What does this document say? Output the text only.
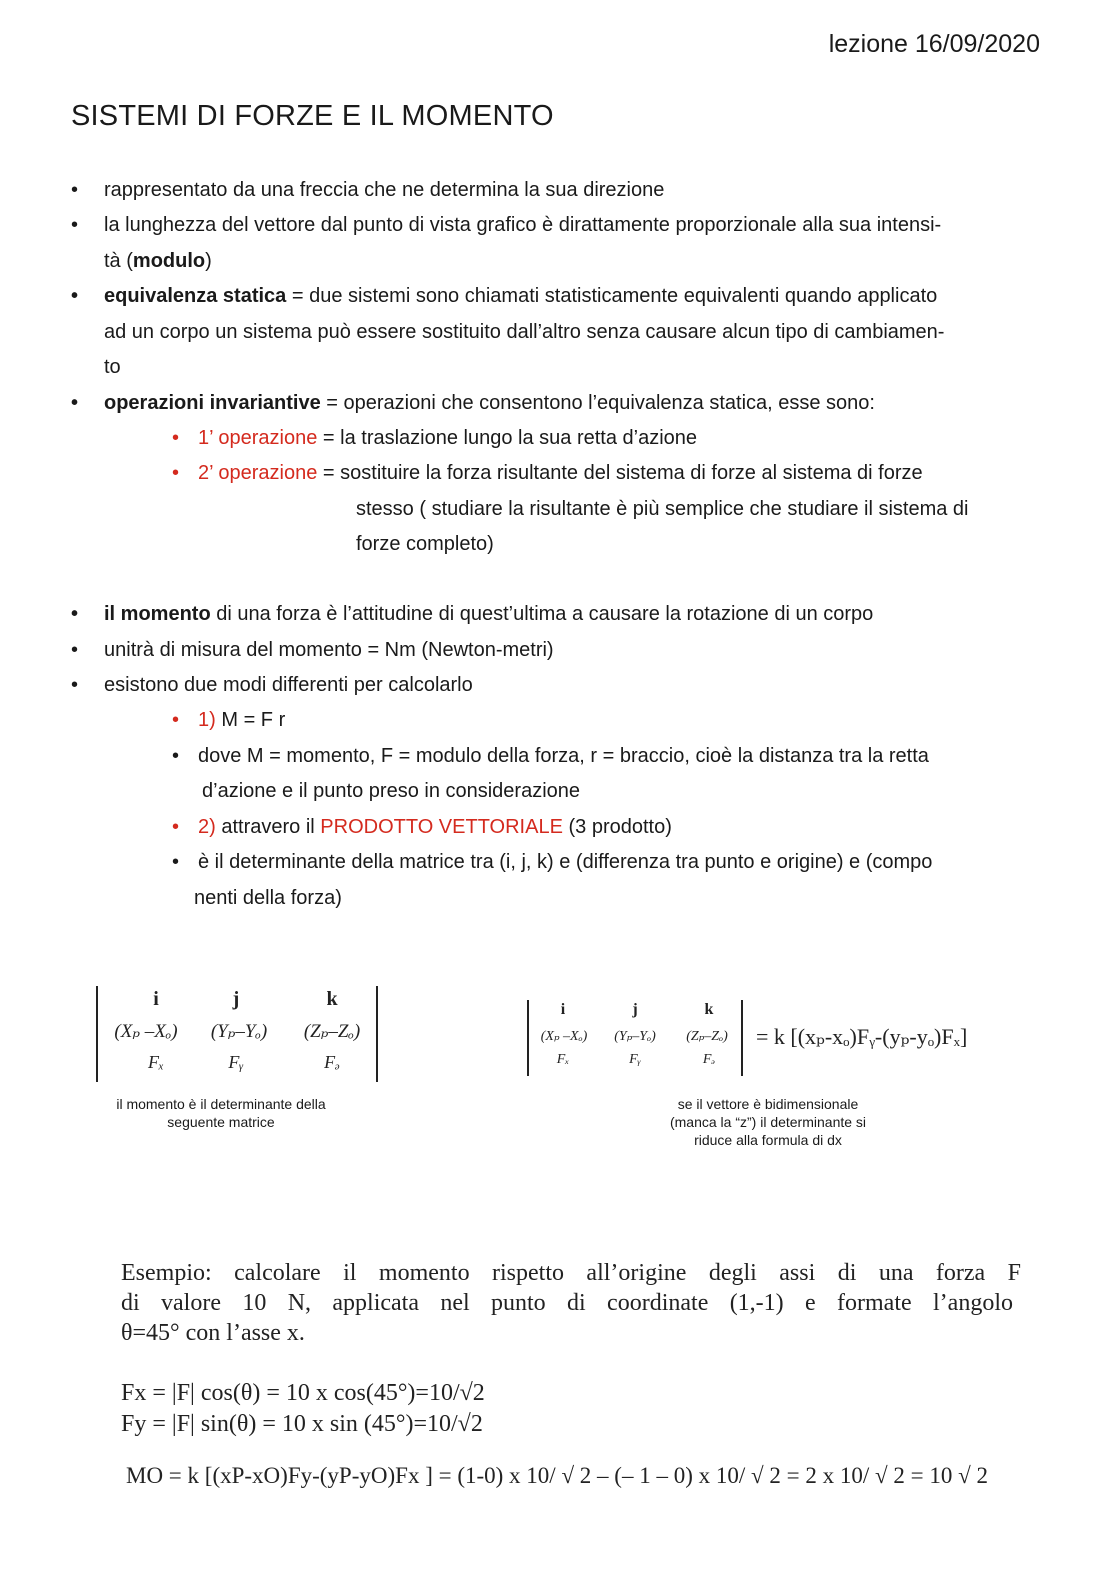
lezione 16/09/2020
SISTEMI DI FORZE E IL MOMENTO
• rappresentato da una freccia che ne determina la sua direzione
• la lunghezza del vettore dal punto di vista grafico è dirattamente proporzionale alla sua intensi-
tà (modulo)
• equivalenza statica = due sistemi sono chiamati statisticamente equivalenti quando applicato
ad un corpo un sistema può essere sostituito dall’altro senza causare alcun tipo di cambiamen-
to
• operazioni invariantive = operazioni che consentono l’equivalenza statica, esse sono:
• 1’ operazione = la traslazione lungo la sua retta d’azione
• 2’ operazione = sostituire la forza risultante del sistema di forze al sistema di forze
stesso ( studiare la risultante è più semplice che studiare il sistema di
forze completo)
• il momento di una forza è l’attitudine di quest’ultima a causare la rotazione di un corpo
• unitrà di misura del momento = Nm (Newton-metri)
• esistono due modi differenti per calcolarlo
• 1) M = F r
• dove M = momento, F = modulo della forza, r = braccio, cioè la distanza tra la retta
d’azione e il punto preso in considerazione
• 2) attravero il PRODOTTO VETTORIALE (3 prodotto)
• è il determinante della matrice tra (i, j, k) e (differenza tra punto e origine) e (compo
nenti della forza)
i	j	k
(Xₚ –Xₒ)	(Yₚ–Yₒ)	(Zₚ–Zₒ)
Fₓ	Fᵧ	Fₔ
il momento è il determinante della
seguente matrice
i	j	k
(Xₚ –Xₒ)	(Yₚ–Yₒ)	(Zₚ–Zₒ)
Fₓ	Fᵧ	Fₔ
= k [(xₚ-xₒ)Fᵧ-(yₚ-yₒ)Fₓ]
se il vettore è bidimensionale
(manca la “z”) il determinante si
riduce alla formula di dx
Esempio: calcolare il momento rispetto all’origine degli assi di una forza F
di valore 10 N, applicata nel punto di coordinate (1,-1) e formate l’angolo
θ=45° con l’asse x.
Fx = |F| cos(θ) = 10 x cos(45°)=10/√2
Fy = |F| sin(θ) = 10 x sin (45°)=10/√2
MO = k [(xP-xO)Fy-(yP-yO)Fx ] = (1-0) x 10/ √ 2 – (– 1 – 0) x 10/ √ 2 = 2 x 10/ √ 2 = 10 √ 2
